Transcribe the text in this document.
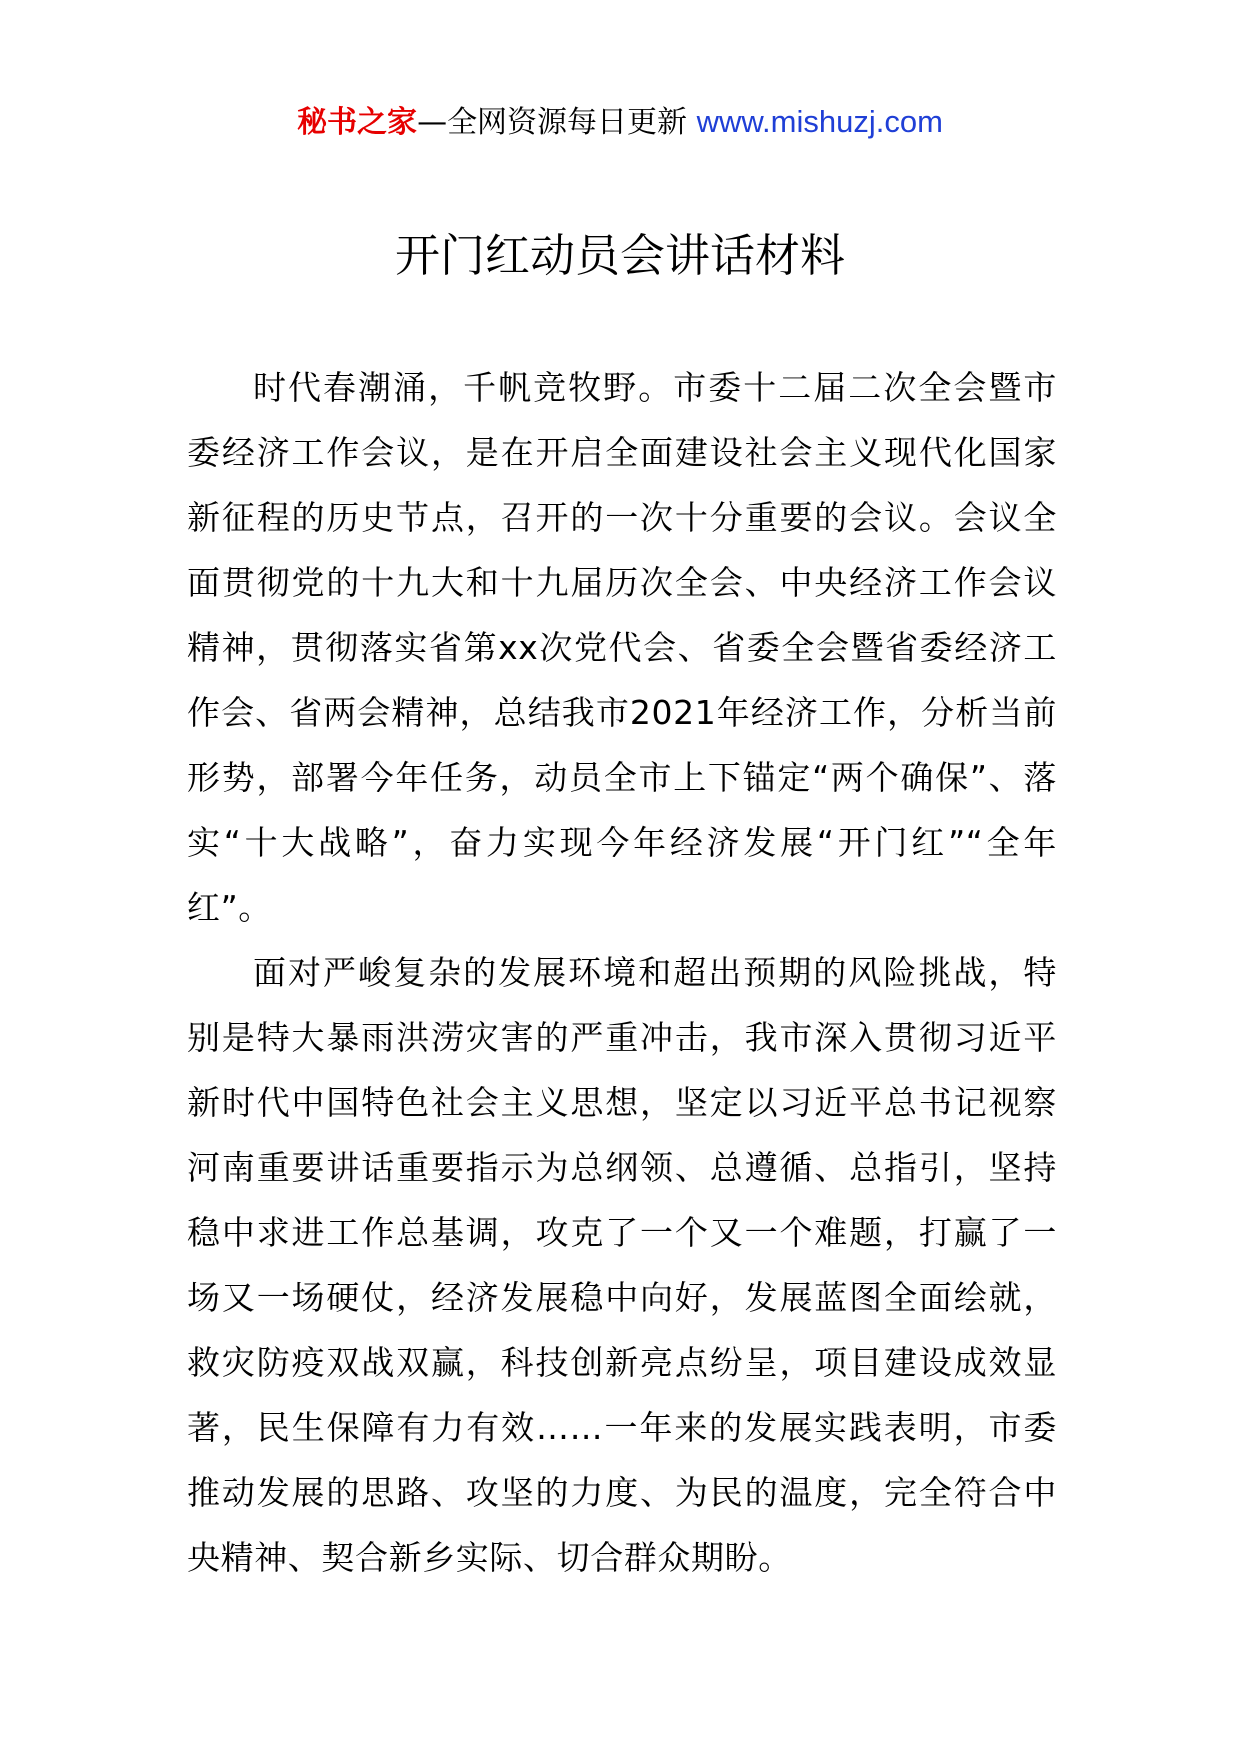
秘书之家—全网资源每日更新 www.mishuzj.com
开门红动员会讲话材料

时代春潮涌，千帆竞牧野。市委十二届二次全会暨市委经济工作会议，是在开启全面建设社会主义现代化国家新征程的历史节点，召开的一次十分重要的会议。会议全面贯彻党的十九大和十九届历次全会、中央经济工作会议精神，贯彻落实省第xx次党代会、省委全会暨省委经济工作会、省两会精神，总结我市2021年经济工作，分析当前形势，部署今年任务，动员全市上下锚定“两个确保”、落实“十大战略”，奋力实现今年经济发展“开门红”“全年红”。

面对严峻复杂的发展环境和超出预期的风险挑战，特别是特大暴雨洪涝灾害的严重冲击，我市深入贯彻习近平新时代中国特色社会主义思想，坚定以习近平总书记视察河南重要讲话重要指示为总纲领、总遵循、总指引，坚持稳中求进工作总基调，攻克了一个又一个难题，打赢了一场又一场硬仗，经济发展稳中向好，发展蓝图全面绘就，救灾防疫双战双赢，科技创新亮点纷呈，项目建设成效显著，民生保障有力有效……一年来的发展实践表明，市委推动发展的思路、攻坚的力度、为民的温度，完全符合中央精神、契合新乡实际、切合群众期盼。
